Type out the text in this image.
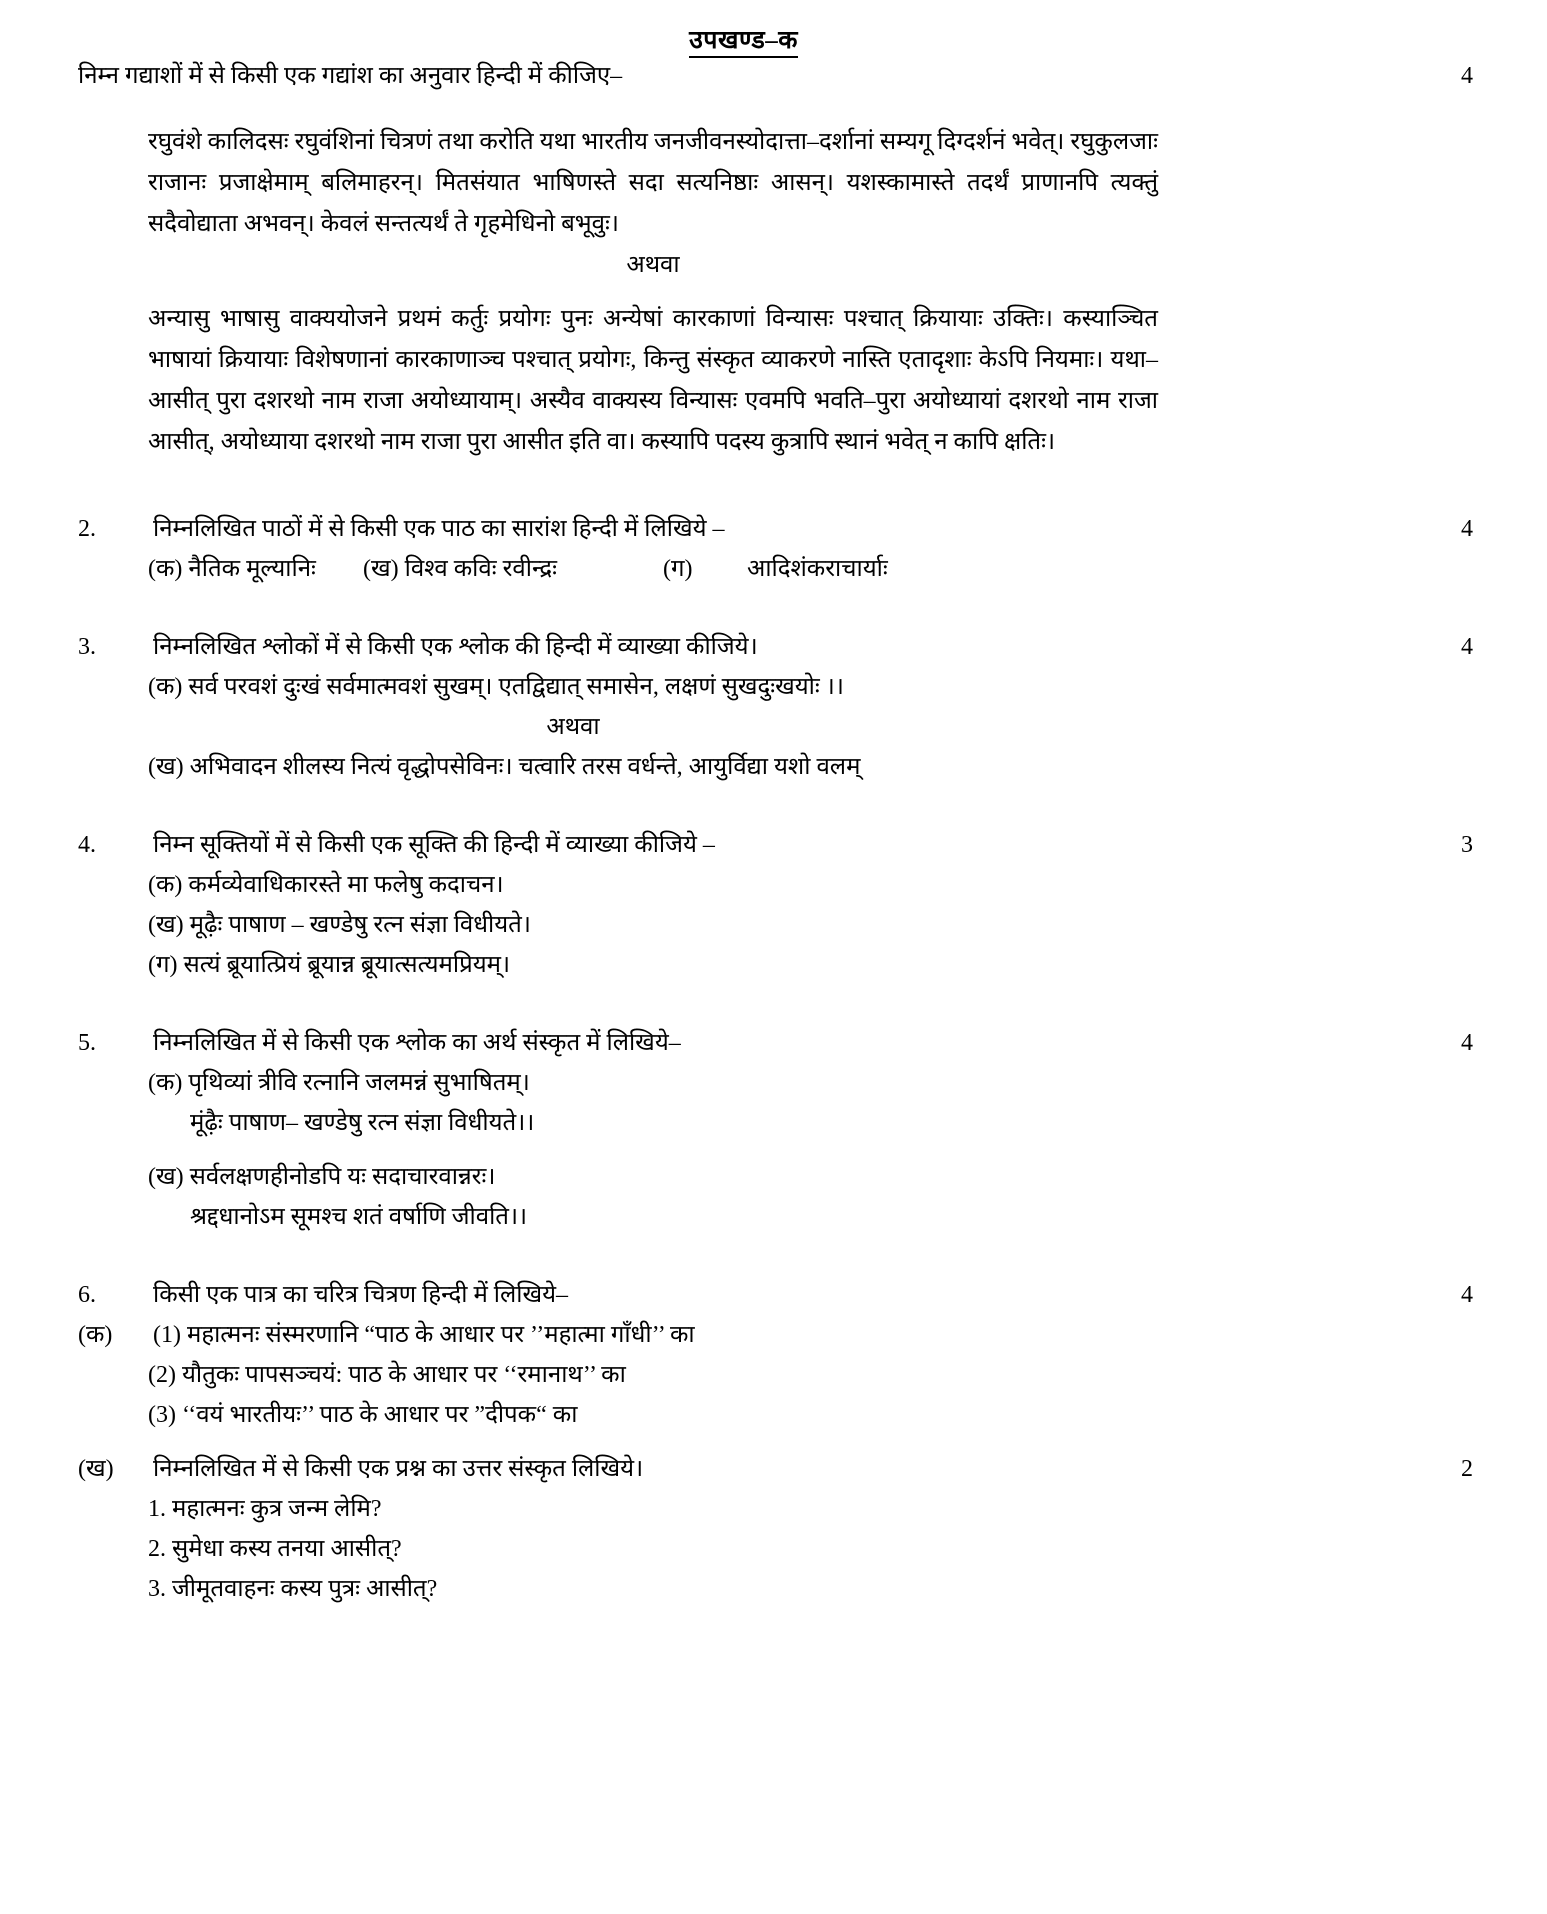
उपखण्ड–क
निम्न गद्याशों में से किसी एक गद्यांश का अनुवार हिन्दी में कीजिए–	4
रघुवंशे कालिदसः रघुवंशिनां चित्रणं तथा करोति यथा भारतीय जनजीवनस्योदात्ता–दर्शानां सम्यगू दिग्दर्शनं भवेत्। रघुकुलजाः राजानः प्रजाक्षेमाम् बलिमाहरन्। मितसंयात भाषिणस्ते सदा सत्यनिष्ठाः आसन्। यशस्कामास्ते तदर्थं प्राणानपि त्यक्तुं सदैवोद्याता अभवन्। केवलं सन्तत्यर्थं ते गृहमेधिनो बभूवुः।
अथवा
अन्यासु भाषासु वाक्ययोजने प्रथमं कर्तुः प्रयोगः पुनः अन्येषां कारकाणां विन्यासः पश्चात् क्रियायाः उक्तिः। कस्याञ्चित भाषायां क्रियायाः विशेषणानां कारकाणाञ्च पश्चात् प्रयोगः, किन्तु संस्कृत व्याकरणे नास्ति एतादृशाः केऽपि नियमाः। यथा–आसीत् पुरा दशरथो नाम राजा अयोध्यायाम्। अस्यैव वाक्यस्य विन्यासः एवमपि भवति–पुरा अयोध्यायां दशरथो नाम राजा आसीत्, अयोध्याया दशरथो नाम राजा पुरा आसीत इति वा। कस्यापि पदस्य कुत्रापि स्थानं भवेत् न कापि क्षतिः।
2.	निम्नलिखित पाठों में से किसी एक पाठ का सारांश हिन्दी में लिखिये –	4
(क) नैतिक मूल्यानिः	(ख) विश्व कविः रवीन्द्रः	(ग) आदिशंकराचार्याः
3.	निम्नलिखित श्लोकों में से किसी एक श्लोक की हिन्दी में व्याख्या कीजिये।	4
(क) सर्व परवशं दुःखं सर्वमात्मवशं सुखम्। एतद्विद्यात् समासेन, लक्षणं सुखदुःखयोः ।।
अथवा
(ख) अभिवादन शीलस्य नित्यं वृद्धोपसेविनः। चत्वारि तरस वर्धन्ते, आयुर्विद्या यशो वलम्
4.	निम्न सूक्तियों में से किसी एक सूक्ति की हिन्दी में व्याख्या कीजिये –	3
(क) कर्मव्येवाधिकारस्ते मा फलेषु कदाचन।
(ख) मूढ़ैः पाषाण – खण्डेषु रत्न संज्ञा विधीयते।
(ग) सत्यं ब्रूयात्प्रियं ब्रूयान्न ब्रूयात्सत्यमप्रियम्।
5.	निम्नलिखित में से किसी एक श्लोक का अर्थ संस्कृत में लिखिये–	4
(क) पृथिव्यां त्रीवि रत्नानि जलमन्नं सुभाषितम्।
मूंढ़ैः पाषाण– खण्डेषु रत्न संज्ञा विधीयते।।
(ख) सर्वलक्षणहीनोडपि यः सदाचारवान्नरः।
श्रद्दधानोऽम सूमश्च शतं वर्षाणि जीवति।।
6.	किसी एक पात्र का चरित्र चित्रण हिन्दी में लिखिये–	4
(क)	(1) महात्मनः संस्मरणानि “पाठ के आधार पर ’’महात्मा गाँधी’’ का
(2) यौतुकः पापसञ्चयं: पाठ के आधार पर ‘‘रमानाथ’’ का
(3) ‘‘वयं भारतीयः’’ पाठ के आधार पर ”दीपक“ का
(ख)	निम्नलिखित में से किसी एक प्रश्न का उत्तर संस्कृत लिखिये।	2
1. महात्मनः कुत्र जन्म लेमि?
2. सुमेधा कस्य तनया आसीत्?
3. जीमूतवाहनः कस्य पुत्रः आसीत्?
